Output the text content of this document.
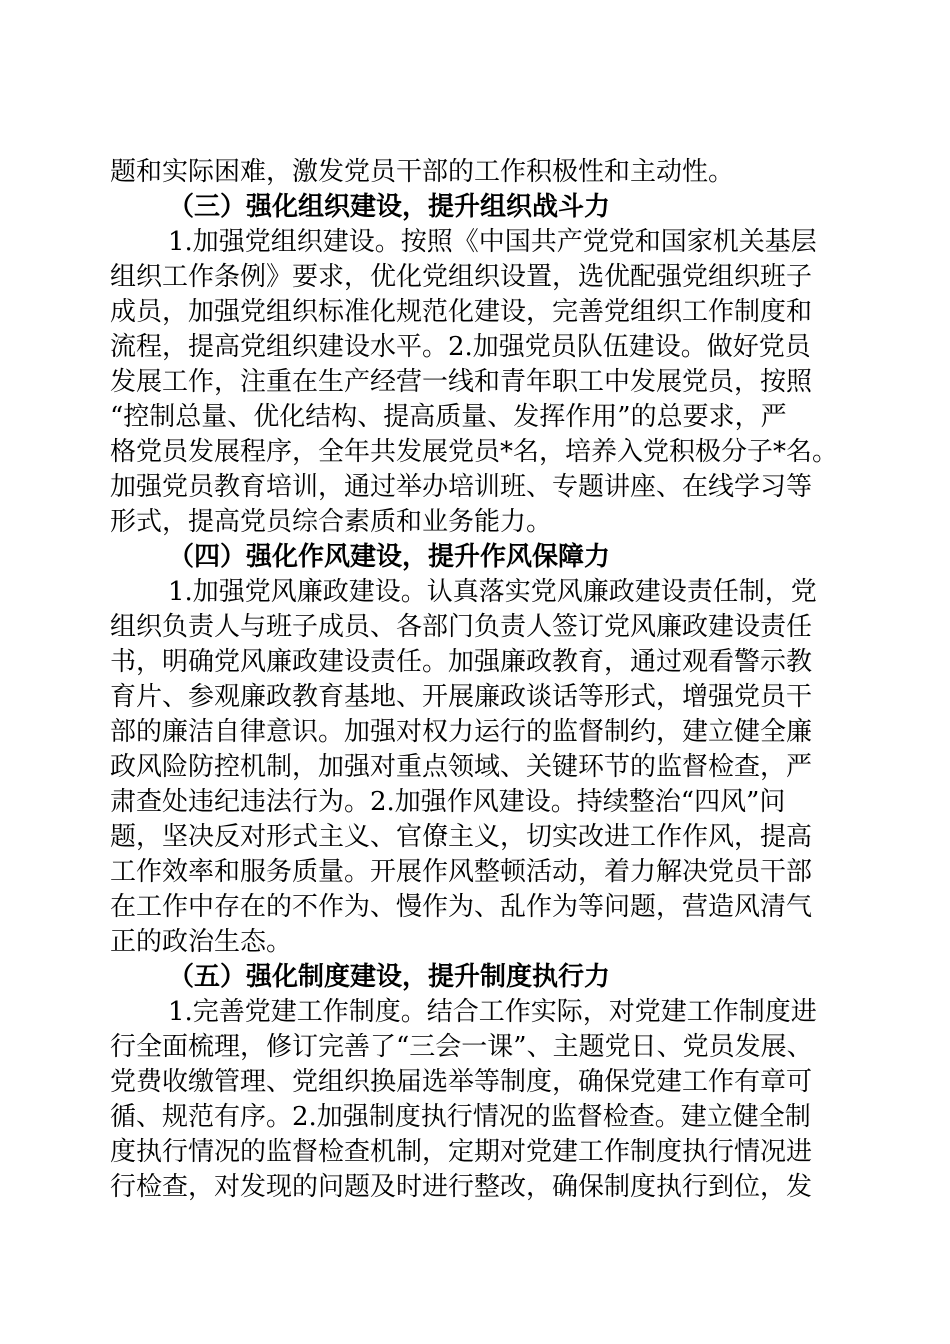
题和实际困难，激发党员干部的工作积极性和主动性。
（三）强化组织建设，提升组织战斗力
1.加强党组织建设。按照《中国共产党党和国家机关基层
组织工作条例》要求，优化党组织设置，选优配强党组织班子
成员，加强党组织标准化规范化建设，完善党组织工作制度和
流程，提高党组织建设水平。2.加强党员队伍建设。做好党员
发展工作，注重在生产经营一线和青年职工中发展党员，按照
“控制总量、优化结构、提高质量、发挥作用”的总要求，严
格党员发展程序，全年共发展党员*名，培养入党积极分子*名。
加强党员教育培训，通过举办培训班、专题讲座、在线学习等
形式，提高党员综合素质和业务能力。
（四）强化作风建设，提升作风保障力
1.加强党风廉政建设。认真落实党风廉政建设责任制，党
组织负责人与班子成员、各部门负责人签订党风廉政建设责任
书，明确党风廉政建设责任。加强廉政教育，通过观看警示教
育片、参观廉政教育基地、开展廉政谈话等形式，增强党员干
部的廉洁自律意识。加强对权力运行的监督制约，建立健全廉
政风险防控机制，加强对重点领域、关键环节的监督检查，严
肃查处违纪违法行为。2.加强作风建设。持续整治“四风”问
题，坚决反对形式主义、官僚主义，切实改进工作作风，提高
工作效率和服务质量。开展作风整顿活动，着力解决党员干部
在工作中存在的不作为、慢作为、乱作为等问题，营造风清气
正的政治生态。
（五）强化制度建设，提升制度执行力
1.完善党建工作制度。结合工作实际，对党建工作制度进
行全面梳理，修订完善了“三会一课”、主题党日、党员发展、
党费收缴管理、党组织换届选举等制度，确保党建工作有章可
循、规范有序。2.加强制度执行情况的监督检查。建立健全制
度执行情况的监督检查机制，定期对党建工作制度执行情况进
行检查，对发现的问题及时进行整改，确保制度执行到位，发
